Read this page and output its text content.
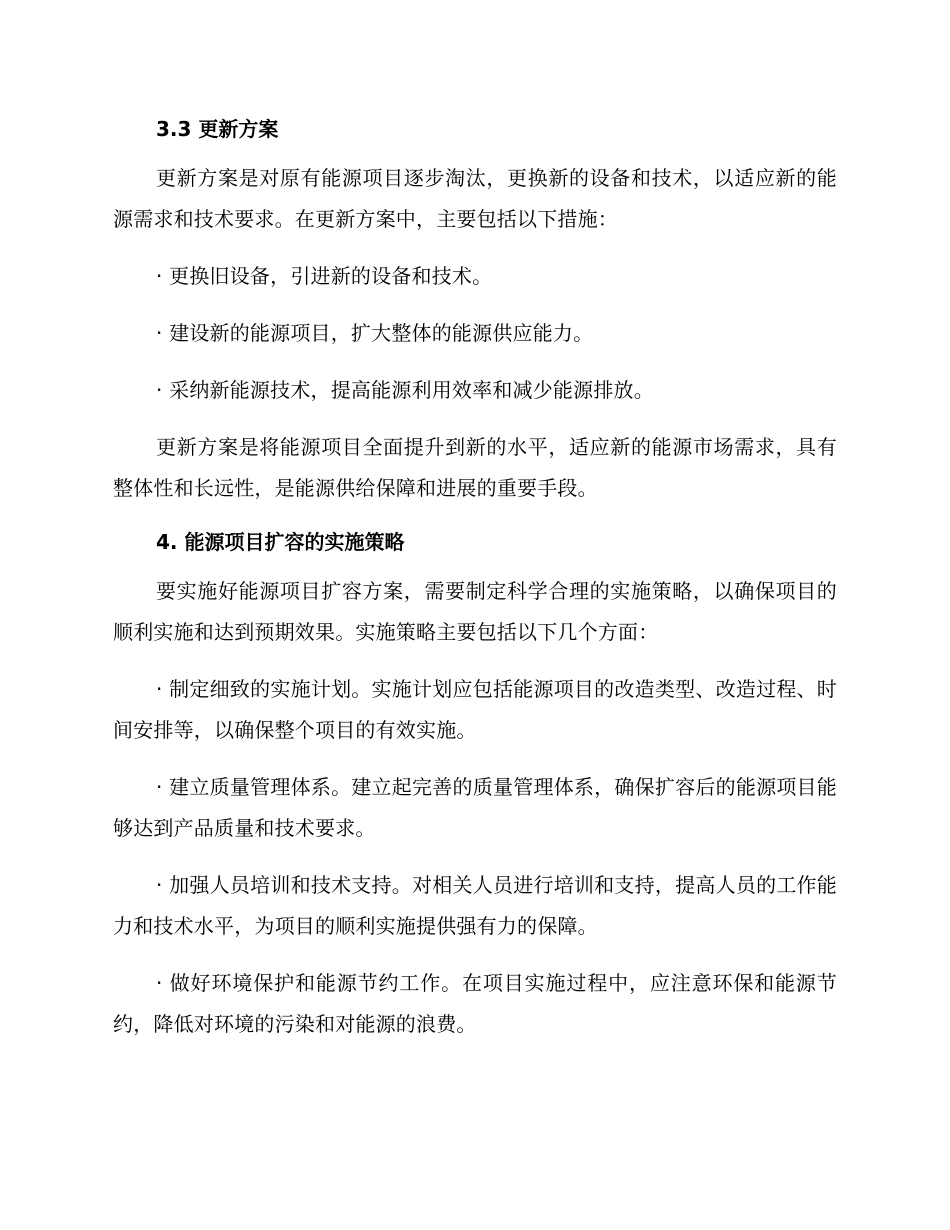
3.3 更新方案

更新方案是对原有能源项目逐步淘汰，更换新的设备和技术，以适应新的能源需求和技术要求。在更新方案中，主要包括以下措施：

· 更换旧设备，引进新的设备和技术。

· 建设新的能源项目，扩大整体的能源供应能力。

· 采纳新能源技术，提高能源利用效率和减少能源排放。

更新方案是将能源项目全面提升到新的水平，适应新的能源市场需求，具有整体性和长远性，是能源供给保障和进展的重要手段。

4. 能源项目扩容的实施策略

要实施好能源项目扩容方案，需要制定科学合理的实施策略，以确保项目的顺利实施和达到预期效果。实施策略主要包括以下几个方面：

· 制定细致的实施计划。实施计划应包括能源项目的改造类型、改造过程、时间安排等，以确保整个项目的有效实施。

· 建立质量管理体系。建立起完善的质量管理体系，确保扩容后的能源项目能够达到产品质量和技术要求。

· 加强人员培训和技术支持。对相关人员进行培训和支持，提高人员的工作能力和技术水平，为项目的顺利实施提供强有力的保障。

· 做好环境保护和能源节约工作。在项目实施过程中，应注意环保和能源节约，降低对环境的污染和对能源的浪费。
